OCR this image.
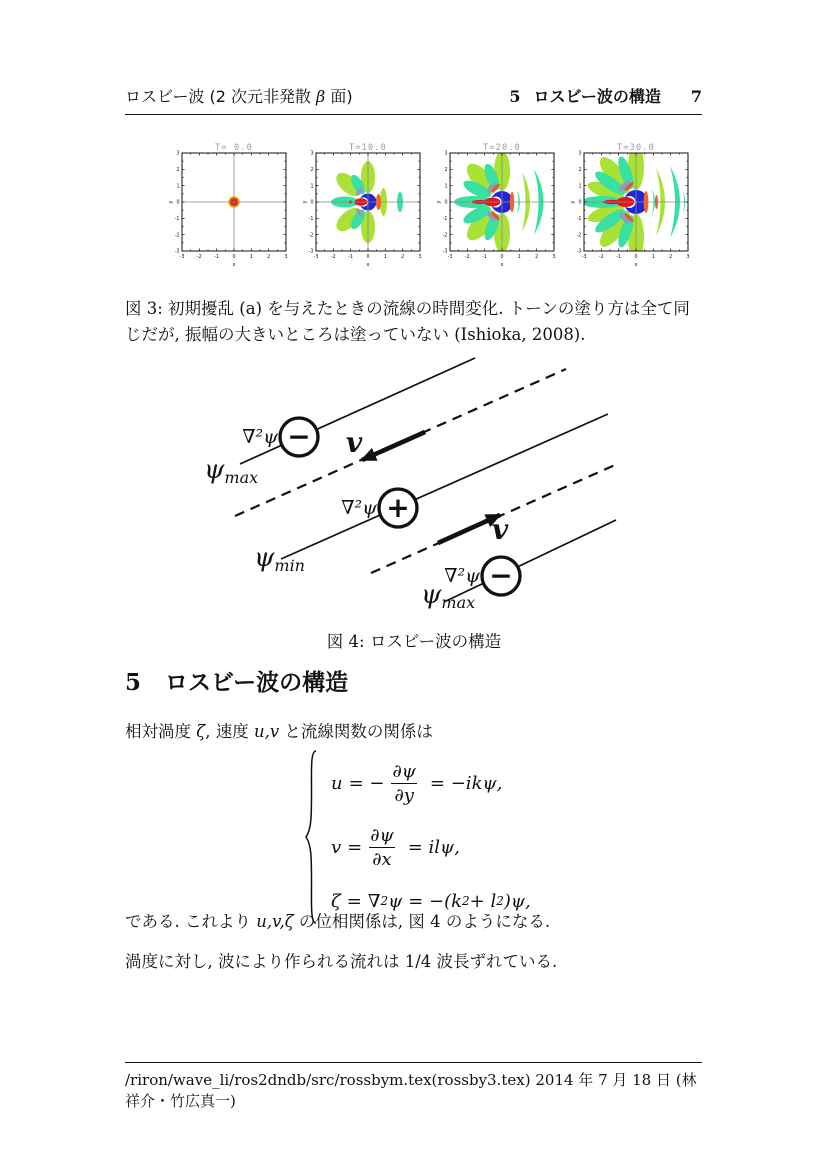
ロスビー波 (2 次元非発散 β 面)	5 ロスビー波の構造 7
T= 0.0
-3
3
-2
2
-1
1
0
0
1
-1
2
-2
3
-3
x
y
T=10.0
-3
3
-2
2
-1
1
0
0
1
-1
2
-2
3
-3
x
y
T=20.0
-3
3
-2
2
-1
1
0
0
1
-1
2
-2
3
-3
x
y
T=30.0
-3
3
-2
2
-1
1
0
0
1
-1
2
-2
3
-3
x
y
図 3: 初期擾乱 (a) を与えたときの流線の時間変化. トーンの塗り方は全て同じだが, 振幅の大きいところは塗っていない (Ishioka, 2008).
v
v
−
+
−
∇²ψ
∇²ψ
∇²ψ
ψmax
ψmin
ψmax
図 4: ロスビー波の構造
5 ロスビー波の構造
相対渦度 ζ, 速度 u,v と流線関数の関係は
u = − $\frac{\partial\psi}{\partial y} = -ik\psi$,
$v = \frac{\partial\psi}{\partial x} = il\psi$,
ζ = ∇ 2 ψ = −(k 2 + l 2 )ψ,
である. これより u,v,ζ の位相関係は, 図 4 のようになる.
渦度に対し, 波により作られる流れは 1/4 波長ずれている.
/riron/wave_li/ros2dndb/src/rossbym.tex(rossby3.tex) 2014 年 7 月 18 日 (林 祥介・竹広真一)
